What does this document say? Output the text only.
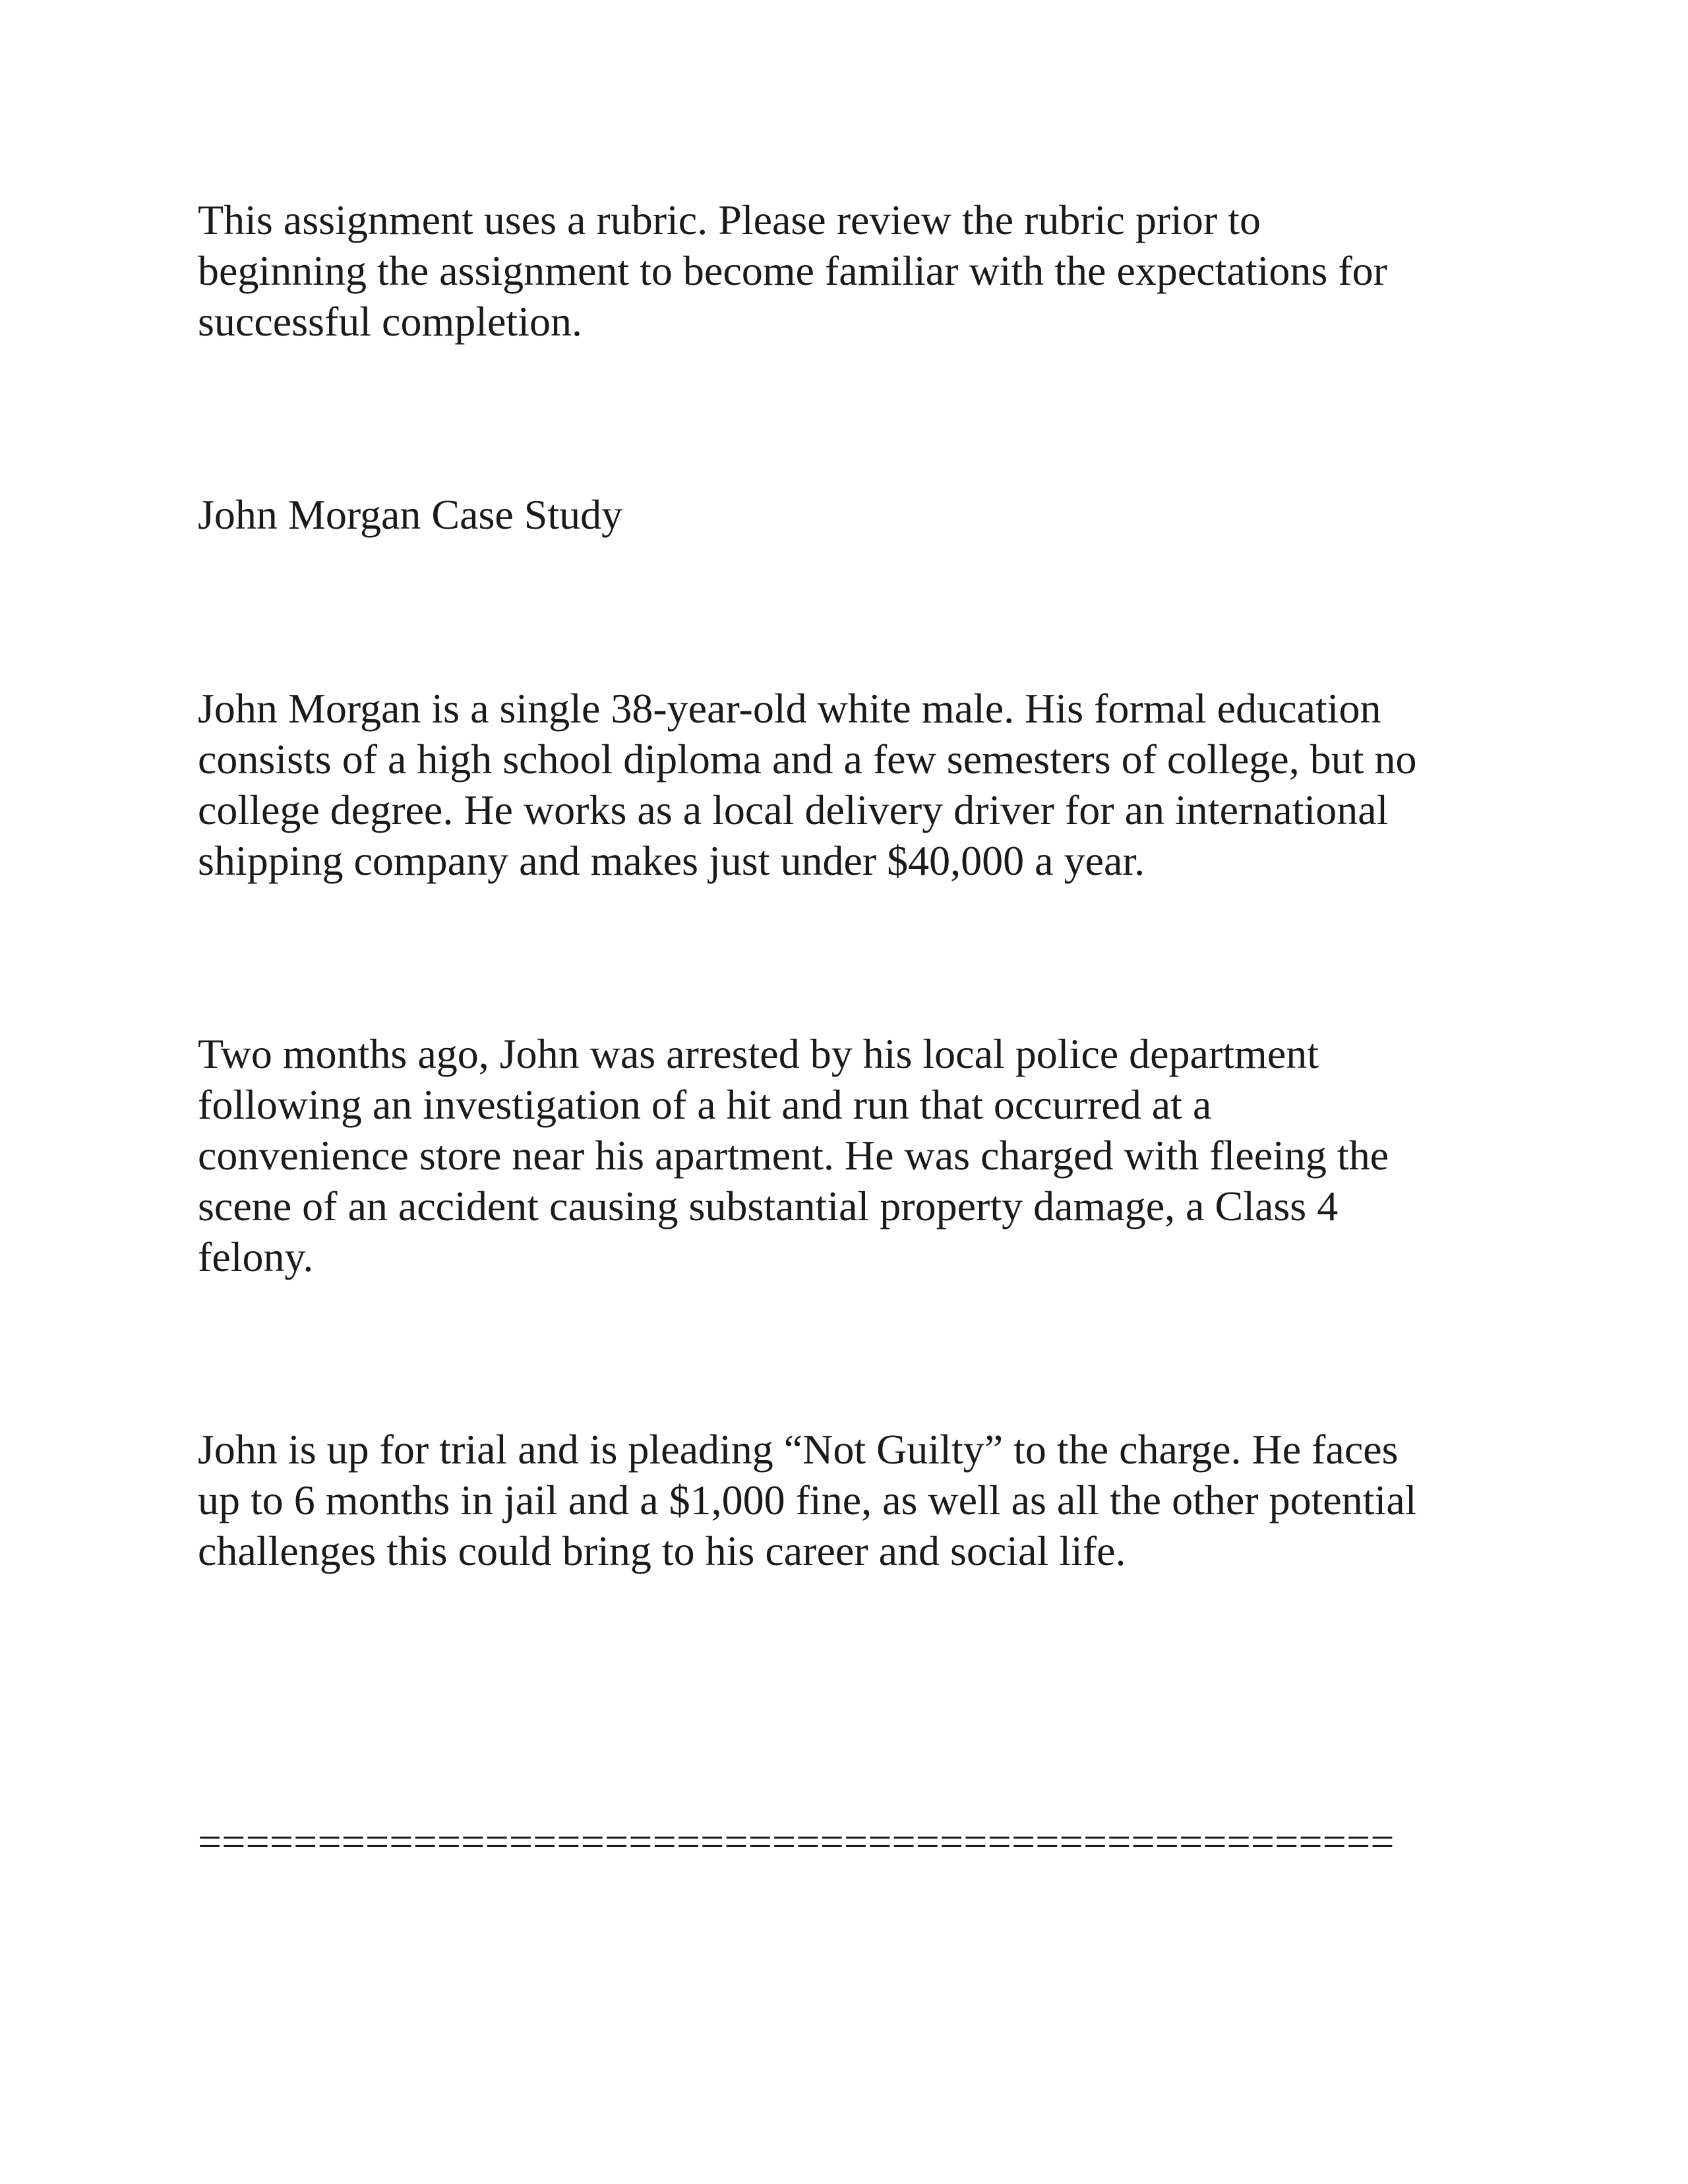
This assignment uses a rubric. Please review the rubric prior to
beginning the assignment to become familiar with the expectations for
successful completion.

John Morgan Case Study

John Morgan is a single 38-year-old white male. His formal education
consists of a high school diploma and a few semesters of college, but no
college degree. He works as a local delivery driver for an international
shipping company and makes just under $40,000 a year.

Two months ago, John was arrested by his local police department
following an investigation of a hit and run that occurred at a
convenience store near his apartment. He was charged with fleeing the
scene of an accident causing substantial property damage, a Class 4
felony.

John is up for trial and is pleading “Not Guilty” to the charge. He faces
up to 6 months in jail and a $1,000 fine, as well as all the other potential
challenges this could bring to his career and social life.

==================================================
